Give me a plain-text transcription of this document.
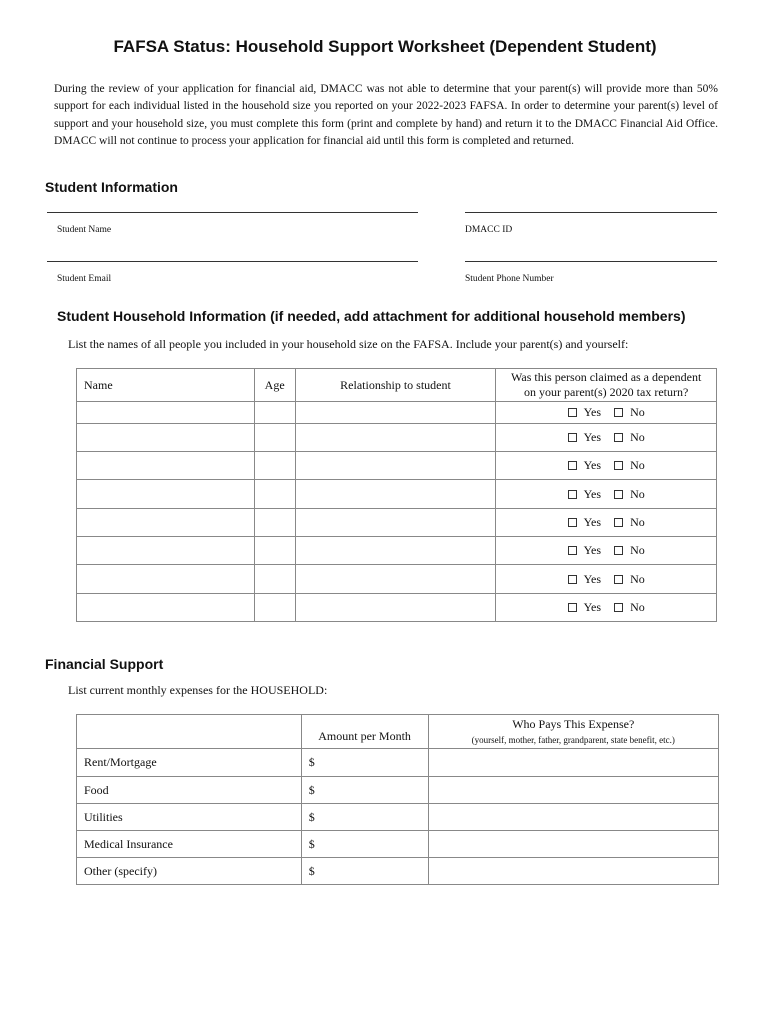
FAFSA Status: Household Support Worksheet (Dependent Student)
During the review of your application for financial aid, DMACC was not able to determine that your parent(s) will provide more than 50% support for each individual listed in the household size you reported on your 2022-2023 FAFSA. In order to determine your parent(s) level of support and your household size, you must complete this form (print and complete by hand) and return it to the DMACC Financial Aid Office. DMACC will not continue to process your application for financial aid until this form is completed and returned.
Student Information
Student Name	DMACC ID
Student Email	Student Phone Number
Student Household Information (if needed, add attachment for additional household members)
List the names of all people you included in your household size on the FAFSA. Include your parent(s) and yourself:
Name	Age	Relationship to student	Was this person claimed as a dependent
on your parent(s) 2020 tax return?

			Yes No
			Yes No
			Yes No
			Yes No
			Yes No
			Yes No
			Yes No
			Yes No
Financial Support
List current monthly expenses for the HOUSEHOLD:
	Amount per Month	Who Pays This Expense?
(yourself, mother, father, grandparent, state benefit, etc.)

Rent/Mortgage	$	
Food	$	
Utilities	$	
Medical Insurance	$	
Other (specify)	$	
